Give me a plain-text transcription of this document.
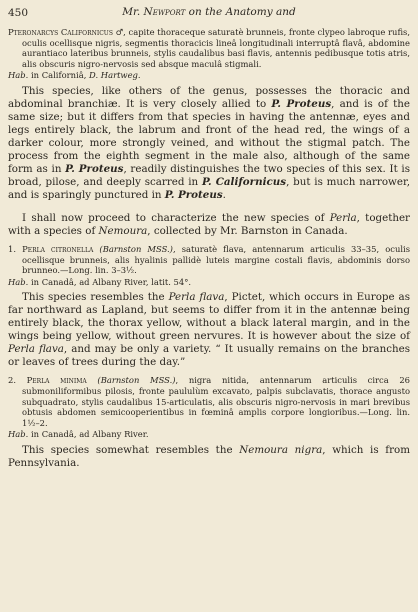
450	Mr. Newport on the Anatomy and

Pteronarcys Californicus ♂, capite thoraceque saturatè brunneis, fronte clypeo labroque rufis, oculis ocellisque nigris, segmentis thoracicis lineâ longitudinali interruptâ flavâ, abdomine aurantiaco lateribus brunneis, stylis caudalibus basi flavis, antennis pedibusque totis atris, alis obscuris nigro-nervosis sed absque maculâ stigmali.

Hab. in Californiâ, D. Hartweg.

This species, like others of the genus, possesses the thoracic and abdominal branchiæ. It is very closely allied to P. Proteus, and is of the same size; but it differs from that species in having the antennæ, eyes and legs entirely black, the labrum and front of the head red, the wings of a darker colour, more strongly veined, and without the stigmal patch. The process from the eighth segment in the male also, although of the same form as in P. Proteus, readily distinguishes the two species of this sex. It is broad, pilose, and deeply scarred in P. Californicus, but is much narrower, and is sparingly punctured in P. Proteus.

I shall now proceed to characterize the new species of Perla, together with a species of Nemoura, collected by Mr. Barnston in Canada.

1. Perla citronella (Barnston MSS.), saturatè flava, antennarum articulis 33–35, oculis ocellisque brunneis, alis hyalinis pallidè luteis margine costali flavis, abdominis dorso brunneo.—Long. lin. 3–3½.

Hab. in Canadâ, ad Albany River, latit. 54°.

This species resembles the Perla flava, Pictet, which occurs in Europe as far northward as Lapland, but seems to differ from it in the antennæ being entirely black, the thorax yellow, without a black lateral margin, and in the wings being yellow, without green nervures. It is however about the size of Perla flava, and may be only a variety. “ It usually remains on the branches or leaves of trees during the day.”

2. Perla minima (Barnston MSS.), nigra nitida, antennarum articulis circa 26 submoniliformibus pilosis, fronte paululùm excavato, palpis subclavatis, thorace angusto subquadrato, stylis caudalibus 15-articulatis, alis obscuris nigro-nervosis in mari brevibus obtusis abdomen semicooperientibus in fœminâ amplis corpore longioribus.—Long. lin. 1½–2.

Hab. in Canadâ, ad Albany River.

This species somewhat resembles the Nemoura nigra, which is from Pennsylvania.
